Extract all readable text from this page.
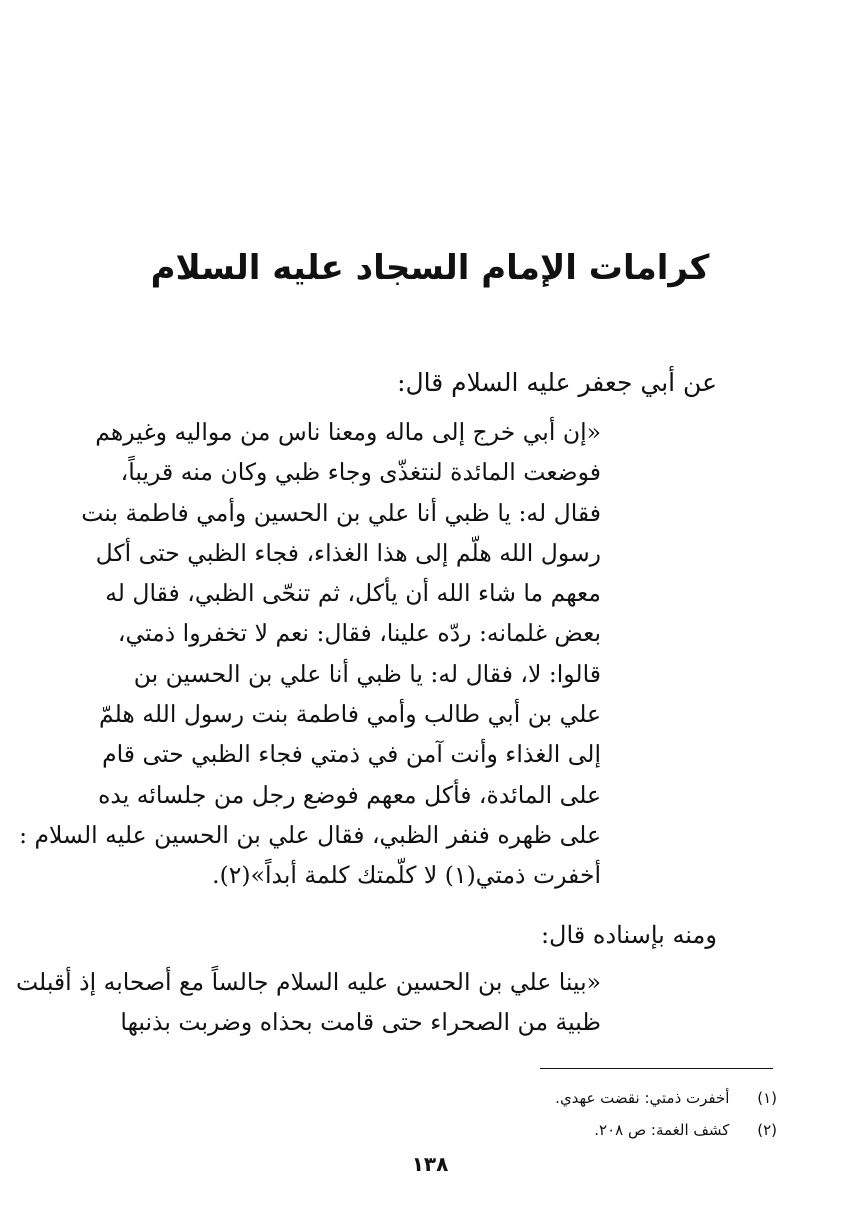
كرامات الإمام السجاد عليه السلام
عن أبي جعفر عليه السلام قال:
«إن أبي خرج إلى ماله ومعنا ناس من مواليه وغيرهم
فوضعت المائدة لنتغذّى وجاء ظبي وكان منه قريباً،
فقال له: يا ظبي أنا علي بن الحسين وأمي فاطمة بنت
رسول الله هلّم إلى هذا الغذاء، فجاء الظبي حتى أكل
معهم ما شاء الله أن يأكل، ثم تنحّى الظبي، فقال له
بعض غلمانه: ردّه علينا، فقال: نعم لا تخفروا ذمتي،
قالوا: لا، فقال له: يا ظبي أنا علي بن الحسين بن
علي بن أبي طالب وأمي فاطمة بنت رسول الله هلمّ
إلى الغذاء وأنت آمن في ذمتي فجاء الظبي حتى قام
على المائدة، فأكل معهم فوضع رجل من جلسائه يده
على ظهره فنفر الظبي، فقال علي بن الحسين عليه السلام :
أخفرت ذمتي(١) لا كلّمتك كلمة أبداً»(٢).
ومنه بإسناده قال:
«بينا علي بن الحسين عليه السلام جالساً مع أصحابه إذ أقبلت
ظبية من الصحراء حتى قامت بحذاه وضربت بذنبها
(١)  أخفرت ذمتي: نقضت عهدي.
(٢)  كشف الغمة: ص ٢٠٨.
١٣٨
